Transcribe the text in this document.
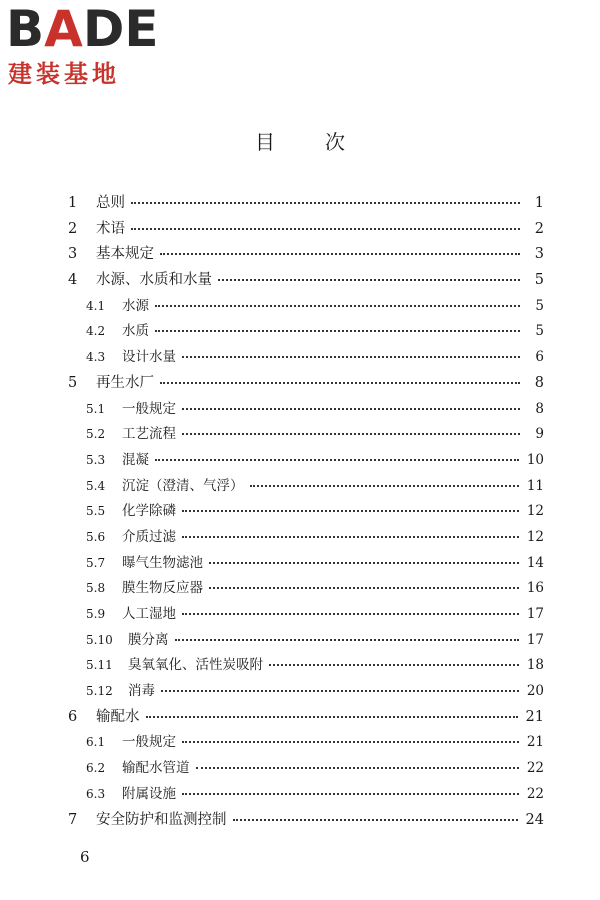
BADE
建装基地
目次
1	总则	1
2	术语	2
3	基本规定	3
4	水源、水质和水量	5
4.1	水源	5
4.2	水质	5
4.3	设计水量	6
5	再生水厂	8
5.1	一般规定	8
5.2	工艺流程	9
5.3	混凝	10
5.4	沉淀（澄清、气浮）	11
5.5	化学除磷	12
5.6	介质过滤	12
5.7	曝气生物滤池	14
5.8	膜生物反应器	16
5.9	人工湿地	17
5.10	膜分离	17
5.11	臭氧氧化、活性炭吸附	18
5.12	消毒	20
6	输配水	21
6.1	一般规定	21
6.2	输配水管道	22
6.3	附属设施	22
7	安全防护和监测控制	24
6
